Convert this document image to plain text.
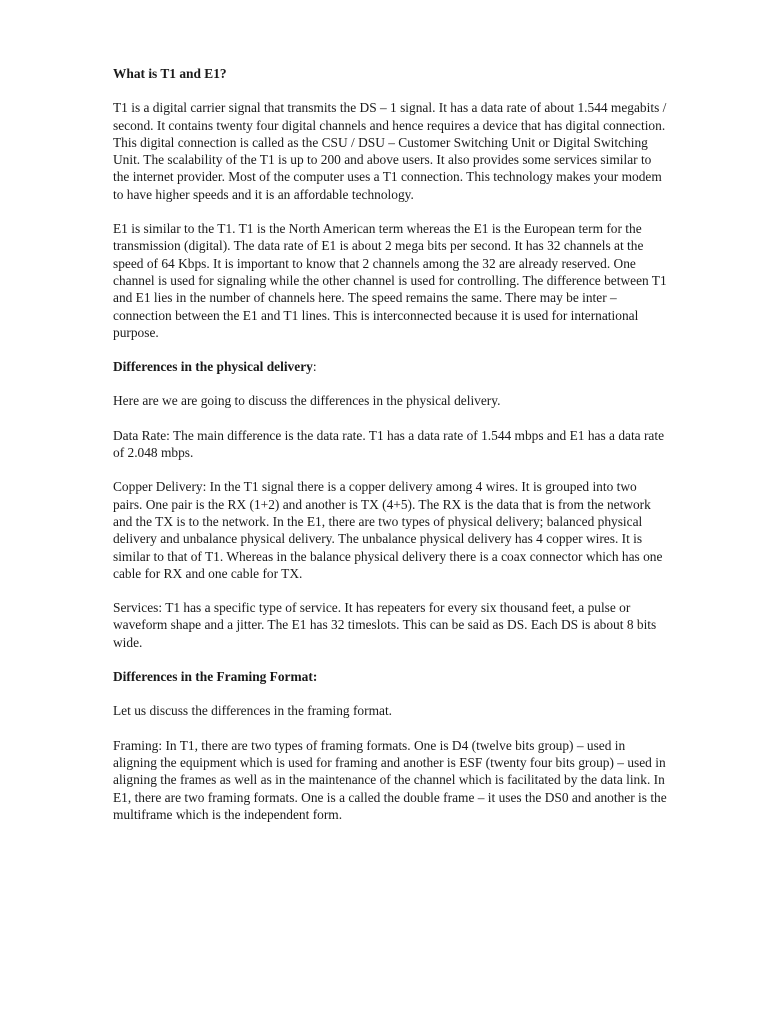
What is T1 and E1?

T1 is a digital carrier signal that transmits the DS – 1 signal. It has a data rate of about 1.544 megabits / second. It contains twenty four digital channels and hence requires a device that has digital connection. This digital connection is called as the CSU / DSU – Customer Switching Unit or Digital Switching Unit. The scalability of the T1 is up to 200 and above users. It also provides some services similar to the internet provider. Most of the computer uses a T1 connection. This technology makes your modem to have higher speeds and it is an affordable technology.

E1 is similar to the T1. T1 is the North American term whereas the E1 is the European term for the transmission (digital). The data rate of E1 is about 2 mega bits per second. It has 32 channels at the speed of 64 Kbps. It is important to know that 2 channels among the 32 are already reserved. One channel is used for signaling while the other channel is used for controlling. The difference between T1 and E1 lies in the number of channels here. The speed remains the same. There may be inter – connection between the E1 and T1 lines. This is interconnected because it is used for international purpose.

Differences in the physical delivery:

Here are we are going to discuss the differences in the physical delivery.

Data Rate: The main difference is the data rate. T1 has a data rate of 1.544 mbps and E1 has a data rate of 2.048 mbps.

Copper Delivery: In the T1 signal there is a copper delivery among 4 wires. It is grouped into two pairs. One pair is the RX (1+2) and another is TX (4+5). The RX is the data that is from the network and the TX is to the network. In the E1, there are two types of physical delivery; balanced physical delivery and unbalance physical delivery. The unbalance physical delivery has 4 copper wires. It is similar to that of T1. Whereas in the balance physical delivery there is a coax connector which has one cable for RX and one cable for TX.

Services: T1 has a specific type of service. It has repeaters for every six thousand feet, a pulse or waveform shape and a jitter. The E1 has 32 timeslots. This can be said as DS. Each DS is about 8 bits wide.

Differences in the Framing Format:

Let us discuss the differences in the framing format.

Framing: In T1, there are two types of framing formats. One is D4 (twelve bits group) – used in aligning the equipment which is used for framing and another is ESF (twenty four bits group) – used in aligning the frames as well as in the maintenance of the channel which is facilitated by the data link. In E1, there are two framing formats. One is a called the double frame – it uses the DS0 and another is the multiframe which is the independent form.
